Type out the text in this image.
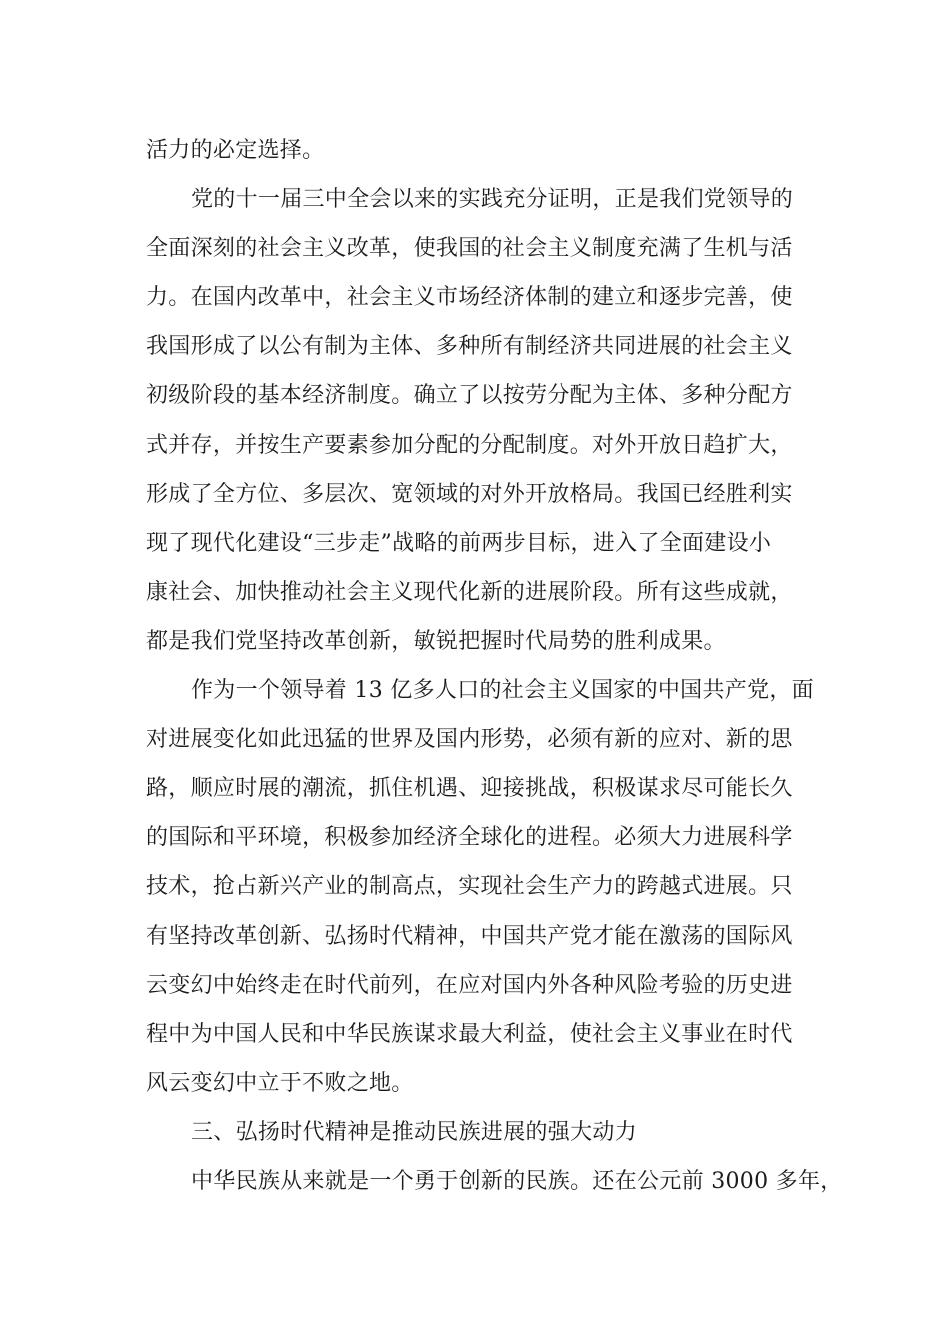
活力的必定选择。
党的十一届三中全会以来的实践充分证明，正是我们党领导的
全面深刻的社会主义改革，使我国的社会主义制度充满了生机与活
力。在国内改革中，社会主义市场经济体制的建立和逐步完善，使
我国形成了以公有制为主体、多种所有制经济共同进展的社会主义
初级阶段的基本经济制度。确立了以按劳分配为主体、多种分配方
式并存，并按生产要素参加分配的分配制度。对外开放日趋扩大，
形成了全方位、多层次、宽领域的对外开放格局。我国已经胜利实
现了现代化建设“三步走”战略的前两步目标，进入了全面建设小
康社会、加快推动社会主义现代化新的进展阶段。所有这些成就，
都是我们党坚持改革创新，敏锐把握时代局势的胜利成果。
作为一个领导着 13 亿多人口的社会主义国家的中国共产党，面
对进展变化如此迅猛的世界及国内形势，必须有新的应对、新的思
路，顺应时展的潮流，抓住机遇、迎接挑战，积极谋求尽可能长久
的国际和平环境，积极参加经济全球化的进程。必须大力进展科学
技术，抢占新兴产业的制高点，实现社会生产力的跨越式进展。只
有坚持改革创新、弘扬时代精神，中国共产党才能在激荡的国际风
云变幻中始终走在时代前列，在应对国内外各种风险考验的历史进
程中为中国人民和中华民族谋求最大利益，使社会主义事业在时代
风云变幻中立于不败之地。
三、弘扬时代精神是推动民族进展的强大动力
中华民族从来就是一个勇于创新的民族。还在公元前 3000 多年，
